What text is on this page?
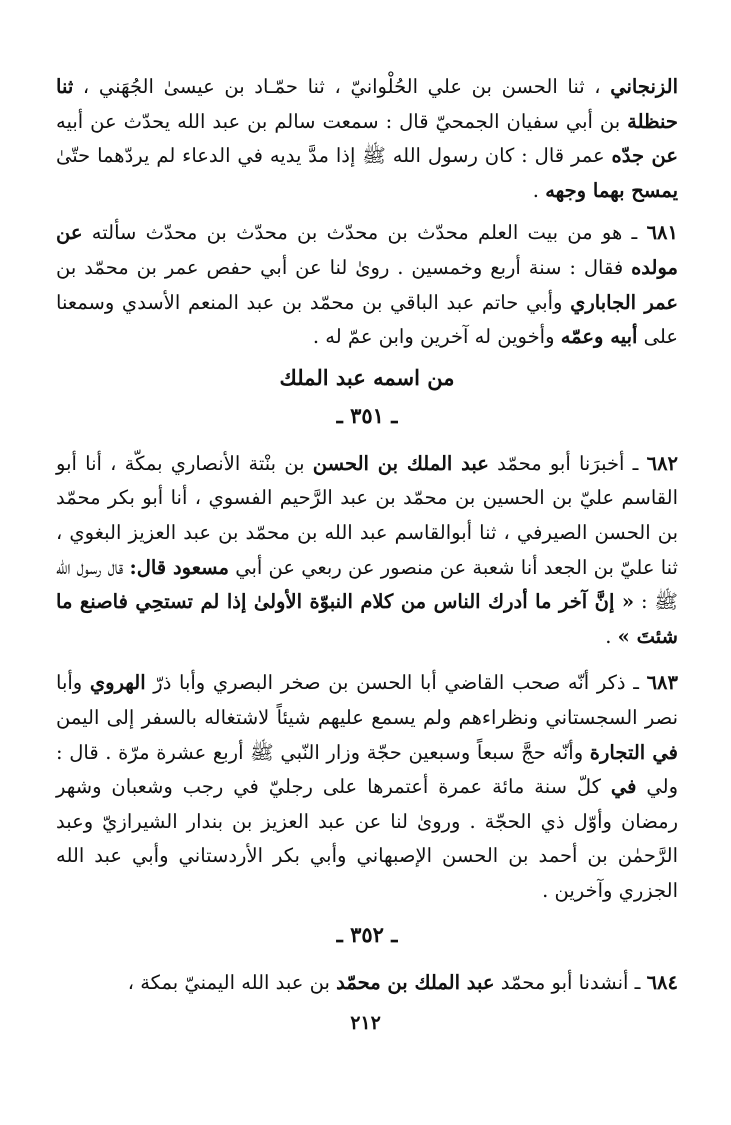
الزنجاني ، ثنا الحسن بن علي الحُلْوانيّ ، ثنا حمّـاد بن عيسىٰ الجُهَني ، ثنا حنظلة بن أبي سفيان الجمحيّ قال : سمعت سالم بن عبد الله يحدّث عن أبيه عن جدّه عمر قال : كان رسول الله ﷺ إذا مدَّ يديه في الدعاء لم يردّهما حتّىٰ يمسح بهما وجهه .

٦٨١ ـ هو من بيت العلم محدّث بن محدّث بن محدّث بن محدّث سألته عن مولده فقال : سنة أربع وخمسين . روىٰ لنا عن أبي حفص عمر بن محمّد بن عمر الجاباري وأبي حاتم عبد الباقي بن محمّد بن عبد المنعم الأسدي وسمعنا على أبيه وعمّه وأخوين له آخرين وابن عمّ له .

من اسمه عبد الملك
ـ ٣٥١ ـ

٦٨٢ ـ أخبرَنا أبو محمّد عبد الملك بن الحسن بن بنْتة الأنصاري بمكّة ، أنا أبو القاسم عليّ بن الحسين بن محمّد بن عبد الرَّحيم الفسوي ، أنا أبو بكر محمّد بن الحسن الصيرفي ، ثنا أبوالقاسم عبد الله بن محمّد بن عبد العزيز البغوي ، ثنا عليّ بن الجعد أنا شعبة عن منصور عن ربعي عن أبي مسعود قال: قال رسول الله ﷺ : « إنَّ آخر ما أدرك الناس من كلام النبوّة الأولىٰ إذا لم تستحِي فاصنع ما شئتَ » .

٦٨٣ ـ ذكر أنّه صحب القاضي أبا الحسن بن صخر البصري وأبا ذرّ الهروي وأبا نصر السجستاني ونظراءهم ولم يسمع عليهم شيئاً لاشتغاله بالسفر إلى اليمن في التجارة وأنّه حجَّ سبعاً وسبعين حجّة وزار النّبي ﷺ أربع عشرة مرّة . قال : ولي في كلّ سنة مائة عمرة أعتمرها على رجليّ في رجب وشعبان وشهر رمضان وأوّل ذي الحجّة . وروىٰ لنا عن عبد العزيز بن بندار الشيرازيّ وعبد الرَّحمٰن بن أحمد بن الحسن الإصبهاني وأبي بكر الأردستاني وأبي عبد الله الجزري وآخرين .

ـ ٣٥٢ ـ

٦٨٤ ـ أنشدنا أبو محمّد عبد الملك بن محمّد بن عبد الله اليمنيّ بمكة ،

٢١٢
